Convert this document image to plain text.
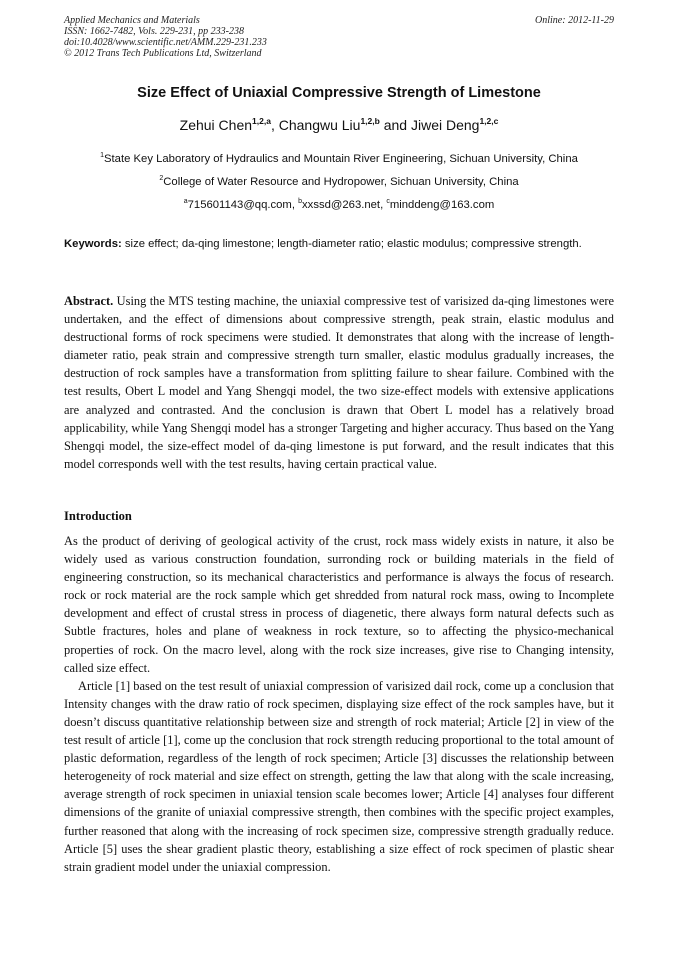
Applied Mechanics and Materials
ISSN: 1662-7482, Vols. 229-231, pp 233-238
doi:10.4028/www.scientific.net/AMM.229-231.233
© 2012 Trans Tech Publications Ltd, Switzerland
Online: 2012-11-29
Size Effect of Uniaxial Compressive Strength of Limestone
Zehui Chen$^{1,2,a}$, Changwu Liu$^{1,2,b}$ and Jiwei Deng$^{1,2,c}$
$^1$State Key Laboratory of Hydraulics and Mountain River Engineering, Sichuan University, China
$^2$College of Water Resource and Hydropower, Sichuan University, China
$^a$715601143@qq.com, $^b$xxssd@263.net, $^c$minddeng@163.com
Keywords: size effect; da-qing limestone; length-diameter ratio; elastic modulus; compressive strength.

Abstract. Using the MTS testing machine, the uniaxial compressive test of varisized da-qing limestones were undertaken, and the effect of dimensions about compressive strength, peak strain, elastic modulus and destructional forms of rock specimens were studied. It demonstrates that along with the increase of length-diameter ratio, peak strain and compressive strength turn smaller, elastic modulus gradually increases, the destruction of rock samples have a transformation from splitting failure to shear failure. Combined with the test results, Obert L model and Yang Shengqi model, the two size-effect models with extensive applications are analyzed and contrasted. And the conclusion is drawn that Obert L model has a relatively broad applicability, while Yang Shengqi model has a stronger Targeting and higher accuracy. Thus based on the Yang Shengqi model, the size-effect model of da-qing limestone is put forward, and the result indicates that this model corresponds well with the test results, having certain practical value.

Introduction

As the product of deriving of geological activity of the crust, rock mass widely exists in nature, it also be widely used as various construction foundation, surronding rock or building materials in the field of engineering construction, so its mechanical characteristics and performance is always the focus of research. rock or rock material are the rock sample which get shredded from natural rock mass, owing to Incomplete development and effect of crustal stress in process of diagenetic, there always form natural defects such as Subtle fractures, holes and plane of weakness in rock texture, so to affecting the physico-mechanical properties of rock. On the macro level, along with the rock size increases, give rise to Changing intensity, called size effect.

Article [1] based on the test result of uniaxial compression of varisized dail rock, come up a conclusion that Intensity changes with the draw ratio of rock specimen, displaying size effect of the rock samples have, but it doesn’t discuss quantitative relationship between size and strength of rock material; Article [2] in view of the test result of article [1], come up the conclusion that rock strength reducing proportional to the total amount of plastic deformation, regardless of the length of rock specimen; Article [3] discusses the relationship between heterogeneity of rock material and size effect on strength, getting the law that along with the scale increasing, average strength of rock specimen in uniaxial tension scale becomes lower; Article [4] analyses four different dimensions of the granite of uniaxial compressive strength, then combines with the specific project examples, further reasoned that along with the increasing of rock specimen size, compressive strength gradually reduce. Article [5] uses the shear gradient plastic theory, establishing a size effect of rock specimen of plastic shear strain gradient model under the uniaxial compression.
